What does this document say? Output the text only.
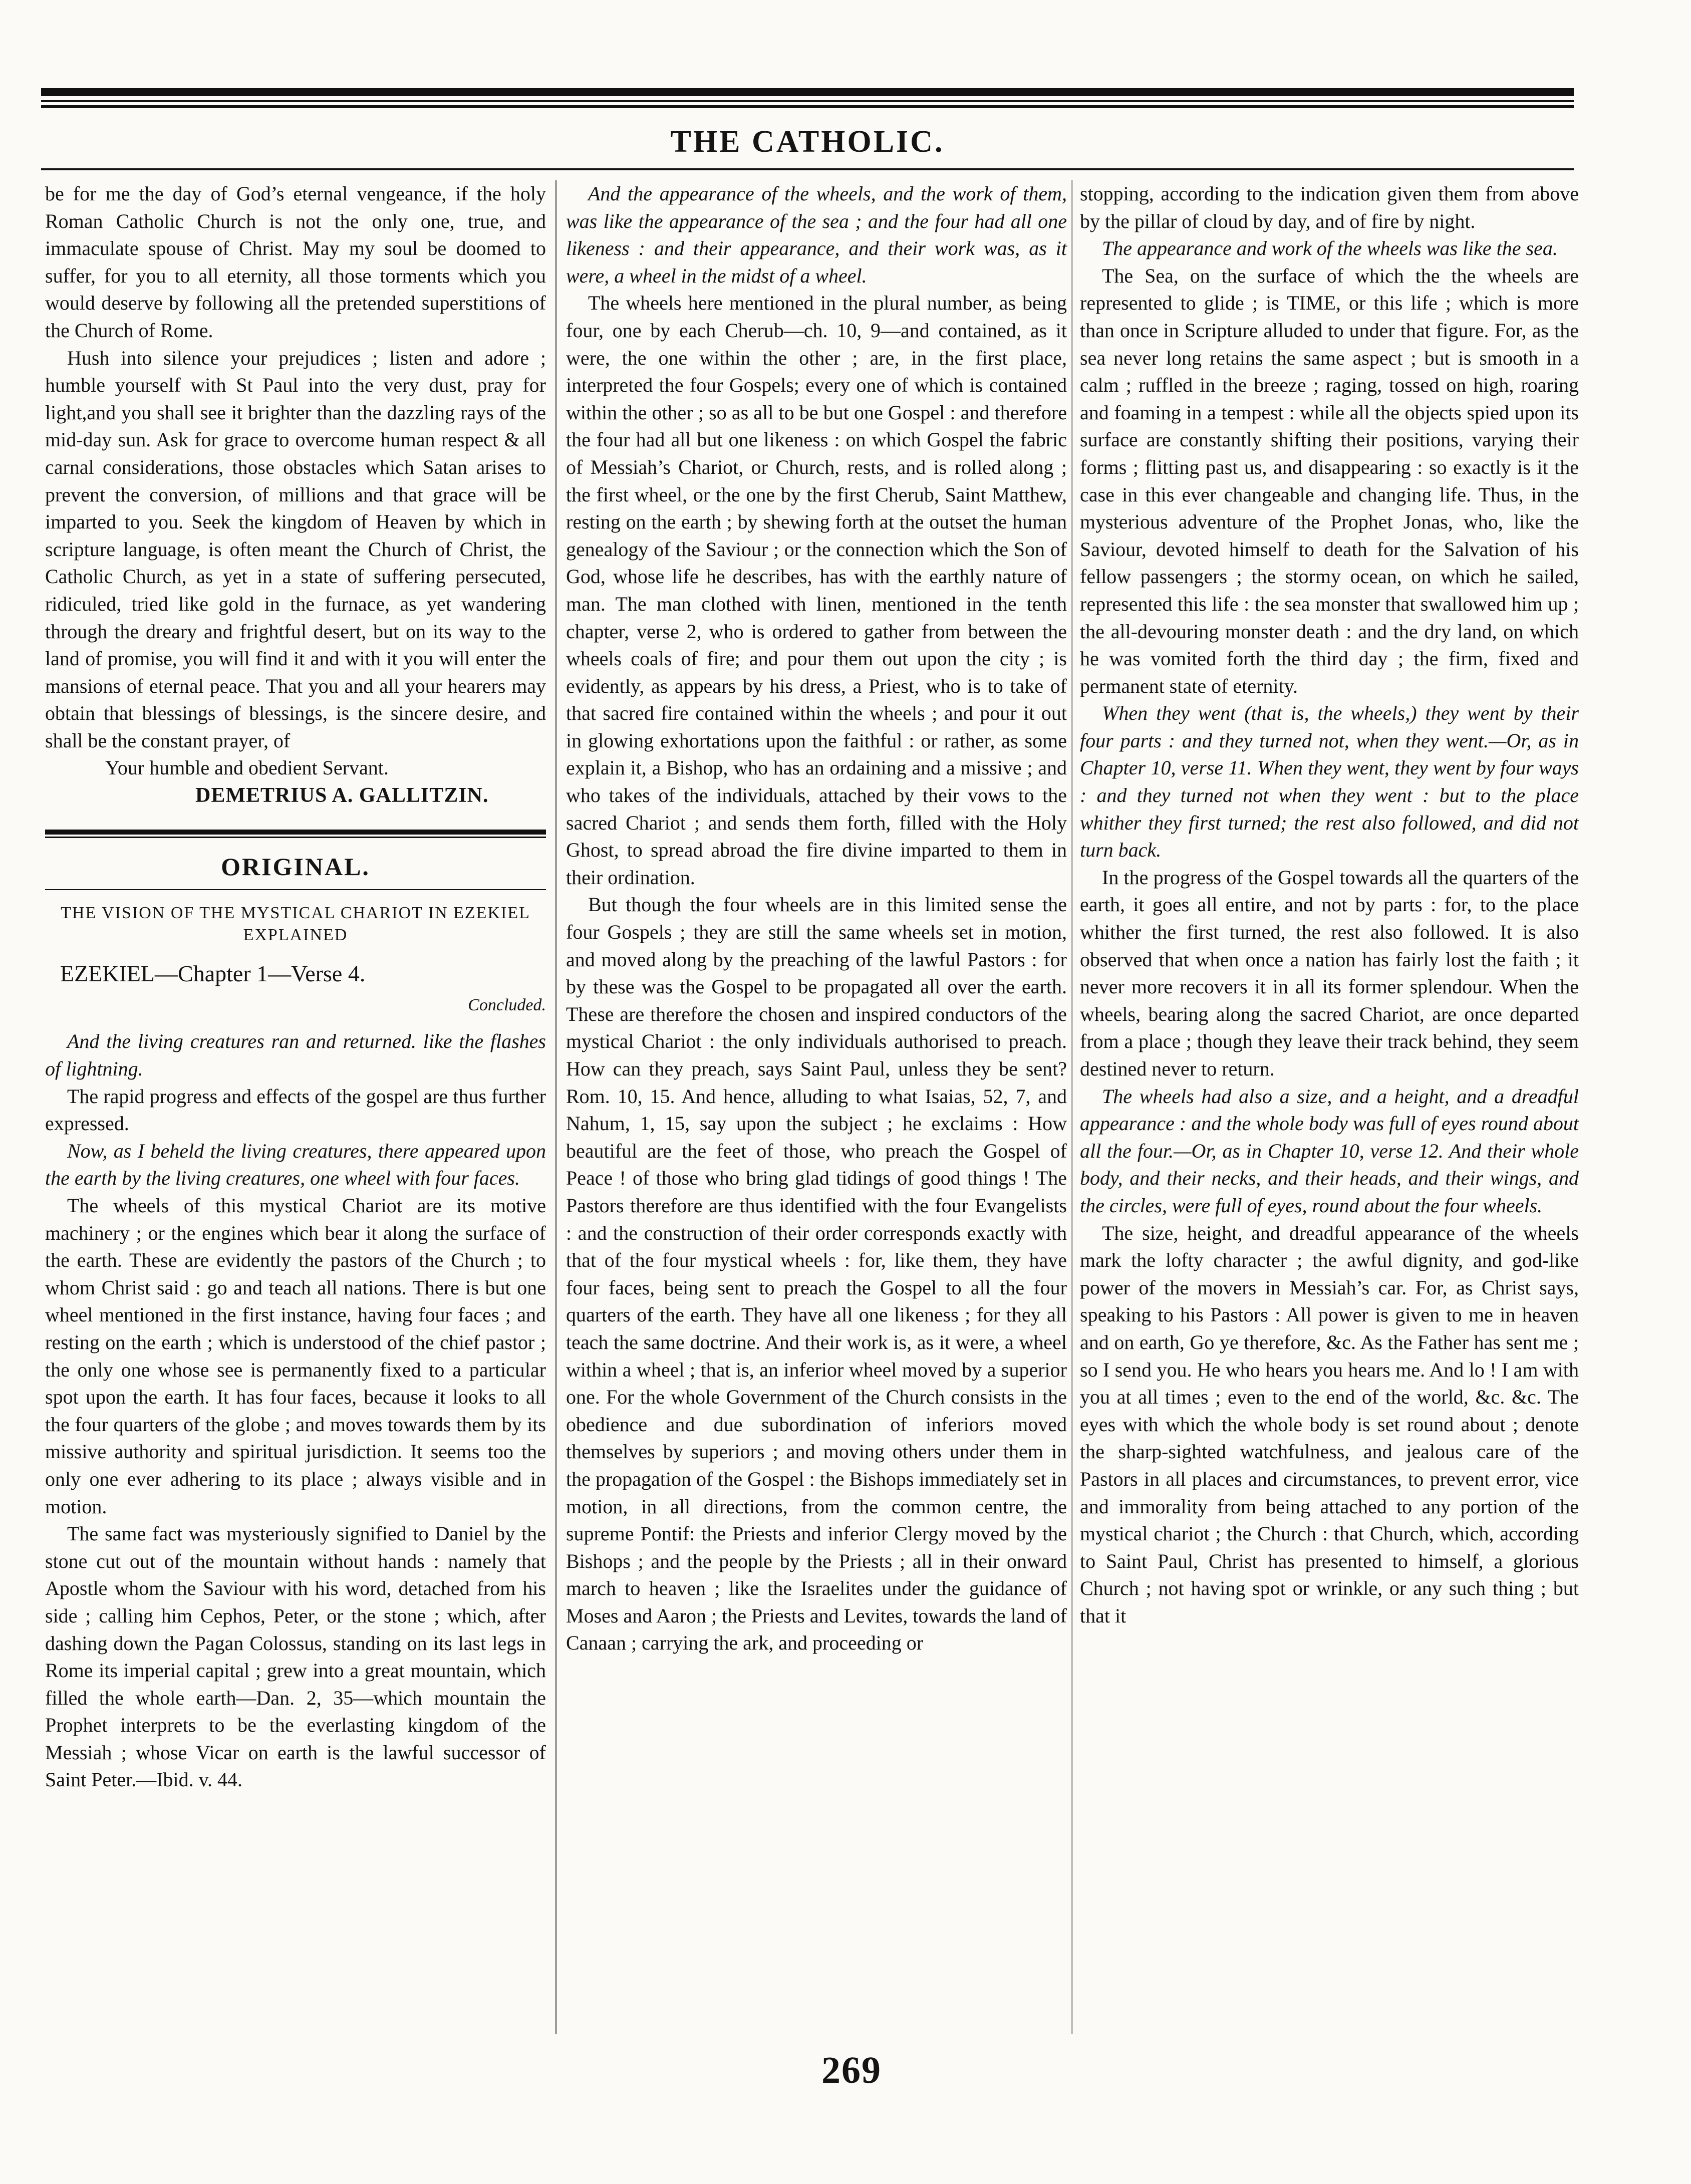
THE CATHOLIC.

be for me the day of God’s eternal vengeance, if the holy Roman Catholic Church is not the only one, true, and immaculate spouse of Christ. May my soul be doomed to suffer, for you to all eternity, all those torments which you would deserve by following all the pretended superstitions of the Church of Rome.

Hush into silence your prejudices ; listen and adore ; humble yourself with St Paul into the very dust, pray for light,and you shall see it brighter than the dazzling rays of the mid-day sun. Ask for grace to overcome human respect & all carnal considerations, those obstacles which Satan arises to prevent the conversion, of millions and that grace will be imparted to you. Seek the kingdom of Heaven by which in scripture language, is often meant the Church of Christ, the Catholic Church, as yet in a state of suffering persecuted, ridiculed, tried like gold in the furnace, as yet wandering through the dreary and frightful desert, but on its way to the land of promise, you will find it and with it you will enter the mansions of eternal peace. That you and all your hearers may obtain that blessings of blessings, is the sincere desire, and shall be the constant prayer, of

Your humble and obedient Servant.

DEMETRIUS A. GALLITZIN.

ORIGINAL.
THE VISION OF THE MYSTICAL CHARIOT IN EZEKIEL EXPLAINED
EZEKIEL—Chapter 1—Verse 4.
Concluded.

And the living creatures ran and returned. like the flashes of lightning.

The rapid progress and effects of the gospel are thus further expressed.

Now, as I beheld the living creatures, there appeared upon the earth by the living creatures, one wheel with four faces.

The wheels of this mystical Chariot are its motive machinery ; or the engines which bear it along the surface of the earth. These are evidently the pastors of the Church ; to whom Christ said : go and teach all nations. There is but one wheel mentioned in the first instance, having four faces ; and resting on the earth ; which is understood of the chief pastor ; the only one whose see is permanently fixed to a particular spot upon the earth. It has four faces, because it looks to all the four quarters of the globe ; and moves towards them by its missive authority and spiritual jurisdiction. It seems too the only one ever adhering to its place ; always visible and in motion.

The same fact was mysteriously signified to Daniel by the stone cut out of the mountain without hands : namely that Apostle whom the Saviour with his word, detached from his side ; calling him Cephos, Peter, or the stone ; which, after dashing down the Pagan Colossus, standing on its last legs in Rome its imperial capital ; grew into a great mountain, which filled the whole earth—Dan. 2, 35—which mountain the Prophet interprets to be the everlasting kingdom of the Messiah ; whose Vicar on earth is the lawful successor of Saint Peter.—Ibid. v. 44.

And the appearance of the wheels, and the work of them, was like the appearance of the sea ; and the four had all one likeness : and their appearance, and their work was, as it were, a wheel in the midst of a wheel.

The wheels here mentioned in the plural number, as being four, one by each Cherub—ch. 10, 9—and contained, as it were, the one within the other ; are, in the first place, interpreted the four Gospels; every one of which is contained within the other ; so as all to be but one Gospel : and therefore the four had all but one likeness : on which Gospel the fabric of Messiah’s Chariot, or Church, rests, and is rolled along ; the first wheel, or the one by the first Cherub, Saint Matthew, resting on the earth ; by shewing forth at the outset the human genealogy of the Saviour ; or the connection which the Son of God, whose life he describes, has with the earthly nature of man. The man clothed with linen, mentioned in the tenth chapter, verse 2, who is ordered to gather from between the wheels coals of fire; and pour them out upon the city ; is evidently, as appears by his dress, a Priest, who is to take of that sacred fire contained within the wheels ; and pour it out in glowing exhortations upon the faithful : or rather, as some explain it, a Bishop, who has an ordaining and a missive ; and who takes of the individuals, attached by their vows to the sacred Chariot ; and sends them forth, filled with the Holy Ghost, to spread abroad the fire divine imparted to them in their ordination.

But though the four wheels are in this limited sense the four Gospels ; they are still the same wheels set in motion, and moved along by the preaching of the lawful Pastors : for by these was the Gospel to be propagated all over the earth. These are therefore the chosen and inspired conductors of the mystical Chariot : the only individuals authorised to preach. How can they preach, says Saint Paul, unless they be sent? Rom. 10, 15. And hence, alluding to what Isaias, 52, 7, and Nahum, 1, 15, say upon the subject ; he exclaims : How beautiful are the feet of those, who preach the Gospel of Peace ! of those who bring glad tidings of good things ! The Pastors therefore are thus identified with the four Evangelists : and the construction of their order corresponds exactly with that of the four mystical wheels : for, like them, they have four faces, being sent to preach the Gospel to all the four quarters of the earth. They have all one likeness ; for they all teach the same doctrine. And their work is, as it were, a wheel within a wheel ; that is, an inferior wheel moved by a superior one. For the whole Government of the Church consists in the obedience and due subordination of inferiors moved themselves by superiors ; and moving others under them in the propagation of the Gospel : the Bishops immediately set in motion, in all directions, from the common centre, the supreme Pontif: the Priests and inferior Clergy moved by the Bishops ; and the people by the Priests ; all in their onward march to heaven ; like the Israelites under the guidance of Moses and Aaron ; the Priests and Levites, towards the land of Canaan ; carrying the ark, and proceeding or

stopping, according to the indication given them from above by the pillar of cloud by day, and of fire by night.

The appearance and work of the wheels was like the sea.

The Sea, on the surface of which the the wheels are represented to glide ; is TIME, or this life ; which is more than once in Scripture alluded to under that figure. For, as the sea never long retains the same aspect ; but is smooth in a calm ; ruffled in the breeze ; raging, tossed on high, roaring and foaming in a tempest : while all the objects spied upon its surface are constantly shifting their positions, varying their forms ; flitting past us, and disappearing : so exactly is it the case in this ever changeable and changing life. Thus, in the mysterious adventure of the Prophet Jonas, who, like the Saviour, devoted himself to death for the Salvation of his fellow passengers ; the stormy ocean, on which he sailed, represented this life : the sea monster that swallowed him up ; the all-devouring monster death : and the dry land, on which he was vomited forth the third day ; the firm, fixed and permanent state of eternity.

When they went (that is, the wheels,) they went by their four parts : and they turned not, when they went.—Or, as in Chapter 10, verse 11. When they went, they went by four ways : and they turned not when they went : but to the place whither they first turned; the rest also followed, and did not turn back.

In the progress of the Gospel towards all the quarters of the earth, it goes all entire, and not by parts : for, to the place whither the first turned, the rest also followed. It is also observed that when once a nation has fairly lost the faith ; it never more recovers it in all its former splendour. When the wheels, bearing along the sacred Chariot, are once departed from a place ; though they leave their track behind, they seem destined never to return.

The wheels had also a size, and a height, and a dreadful appearance : and the whole body was full of eyes round about all the four.—Or, as in Chapter 10, verse 12. And their whole body, and their necks, and their heads, and their wings, and the circles, were full of eyes, round about the four wheels.

The size, height, and dreadful appearance of the wheels mark the lofty character ; the awful dignity, and god-like power of the movers in Messiah’s car. For, as Christ says, speaking to his Pastors : All power is given to me in heaven and on earth, Go ye therefore, &c. As the Father has sent me ; so I send you. He who hears you hears me. And lo ! I am with you at all times ; even to the end of the world, &c. &c. The eyes with which the whole body is set round about ; denote the sharp-sighted watchfulness, and jealous care of the Pastors in all places and circumstances, to prevent error, vice and immorality from being attached to any portion of the mystical chariot ; the Church : that Church, which, according to Saint Paul, Christ has presented to himself, a glorious Church ; not having spot or wrinkle, or any such thing ; but that it

269
